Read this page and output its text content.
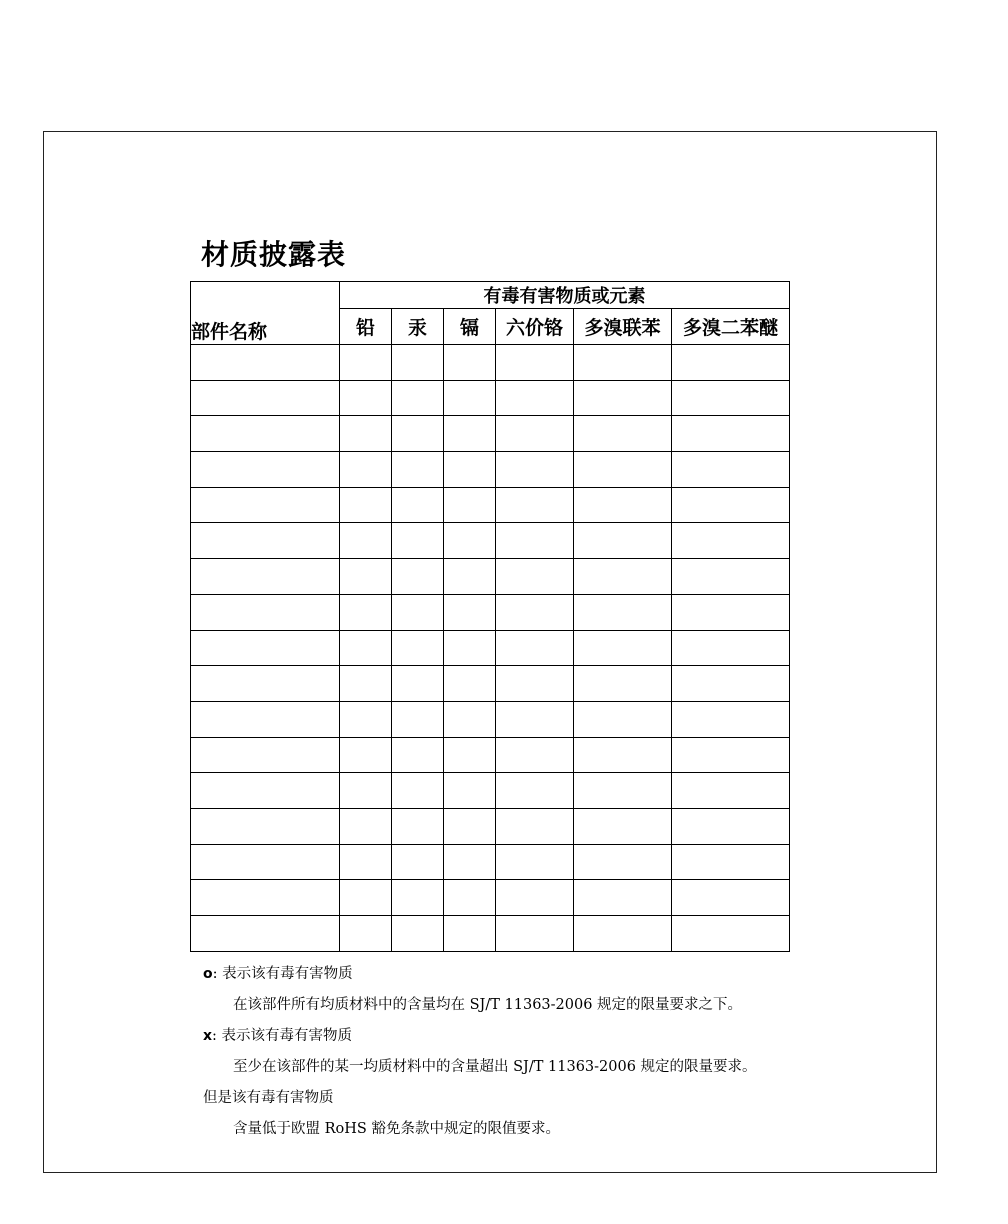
材质披露表
部件名称	有毒有害物质或元素					
	铅	汞	镉	六价铬	多溴联苯	多溴二苯醚

o: 表示该有毒有害物质
在该部件所有均质材料中的含量均在 SJ/T 11363-2006 规定的限量要求之下。
x: 表示该有毒有害物质
至少在该部件的某一均质材料中的含量超出 SJ/T 11363-2006 规定的限量要求。
但是该有毒有害物质
含量低于欧盟 RoHS 豁免条款中规定的限值要求。
